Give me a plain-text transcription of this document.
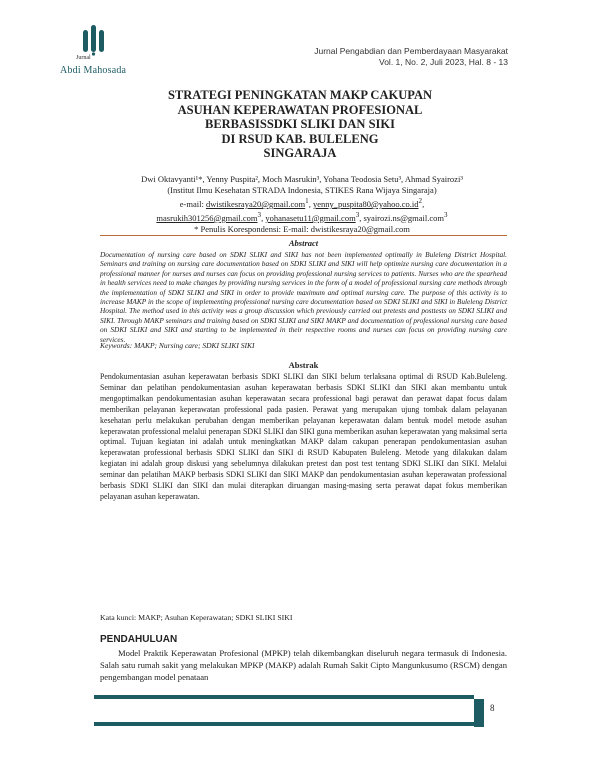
Jurnal
Abdi Mahosada
Jurnal Pengabdian dan Pemberdayaan Masyarakat
Vol. 1, No. 2, Juli 2023, Hal. 8 - 13
STRATEGI PENINGKATAN MAKP CAKUPAN
ASUHAN KEPERAWATAN PROFESIONAL
BERBASISSDKI SLIKI DAN SIKI
DI RSUD KAB. BULELENG
SINGARAJA
Dwi Oktavyanti¹*, Yenny Puspita², Moch Masrukin³, Yohana Teodosia Setu³, Ahmad Syairozi³
(Institut Ilmu Kesehatan STRADA Indonesia, STIKES Rana Wijaya Singaraja)
e-mail: dwistikesraya20@gmail.com$^1$, $yenny\_puspita80@yahoo.co.id^2$,
masrukih301256@gmail.com$^3$, yohanasetu11@gmail.com$^3$, syairozi.ns@gmail.com$^3$
* Penulis Korespondensi: E-mail: dwistikesraya20@gmail.com
Abstract

Documentation of nursing care based on SDKI SLIKI and SIKI has not been implemented optimally in Buleleng District Hospital. Seminars and training on nursing care documentation based on SDKI SLIKI and SIKI will help optimize nursing care documentation in a professional manner for nurses and nurses can focus on providing professional nursing services to patients. Nurses who are the spearhead in health services need to make changes by providing nursing services in the form of a model of professional nursing care methods through the implementation of SDKI SLIKI and SIKI in order to provide maximum and optimal nursing care. The purpose of this activity is to increase MAKP in the scope of implementing professional nursing care documentation based on SDKI SLIKI and SIKI in Buleleng District Hospital. The method used in this activity was a group discussion which previously carried out pretests and posttests on SDKI SLIKI and SIKI. Through MAKP seminars and training based on SDKI SLIKI and SIKI MAKP and documentation of professional nursing care based on SDKI SLIKI and SIKI and starting to be implemented in their respective rooms and nurses can focus on providing nursing care services.

Keywords: MAKP; Nursing care; SDKI SLIKI SIKI
Abstrak

Pendokumentasian asuhan keperawatan berbasis SDKI SLIKI dan SIKI belum terlaksana optimal di RSUD Kab.Buleleng. Seminar dan pelatihan pendokumentasian asuhan keperawatan berbasis SDKI SLIKI dan SIKI akan membantu untuk mengoptimalkan pendokumentasian asuhan keperawatan secara professional bagi perawat dan perawat dapat focus dalam memberikan pelayanan keperawatan professional pada pasien. Perawat yang merupakan ujung tombak dalam pelayanan kesehatan perlu melakukan perubahan dengan memberikan pelayanan keperawatan dalam bentuk model metode asuhan keperawatan professional melalui penerapan SDKI SLIKI dan SIKI guna memberikan asuhan keperawatan yang maksimal serta optimal. Tujuan kegiatan ini adalah untuk meningkatkan MAKP dalam cakupan penerapan pendokumentasian asuhan keperawatan professional berbasis SDKI SLIKI dan SIKI di RSUD Kabupaten Buleleng. Metode yang dilakukan dalam kegiatan ini adalah group diskusi yang sebelumnya dilakukan pretest dan post test tentang SDKI SLIKI dan SIKI. Melalui seminar dan pelatihan MAKP berbasis SDKI SLIKI dan SIKI MAKP dan pendokumentasian asuhan keperawatan professional berbasis SDKI SLIKI dan SIKI dan mulai diterapkan diruangan masing-masing serta perawat dapat fokus memberikan pelayanan asuhan keperawatan.

Kata kunci: MAKP; Asuhan Keperawatan; SDKI SLIKI SIKI
PENDAHULUAN

Model Praktik Keperawatan Profesional (MPKP) telah dikembangkan diseluruh negara termasuk di Indonesia. Salah satu rumah sakit yang melakukan MPKP (MAKP) adalah Rumah Sakit Cipto Mangunkusumo (RSCM) dengan pengembangan model penataan

8
